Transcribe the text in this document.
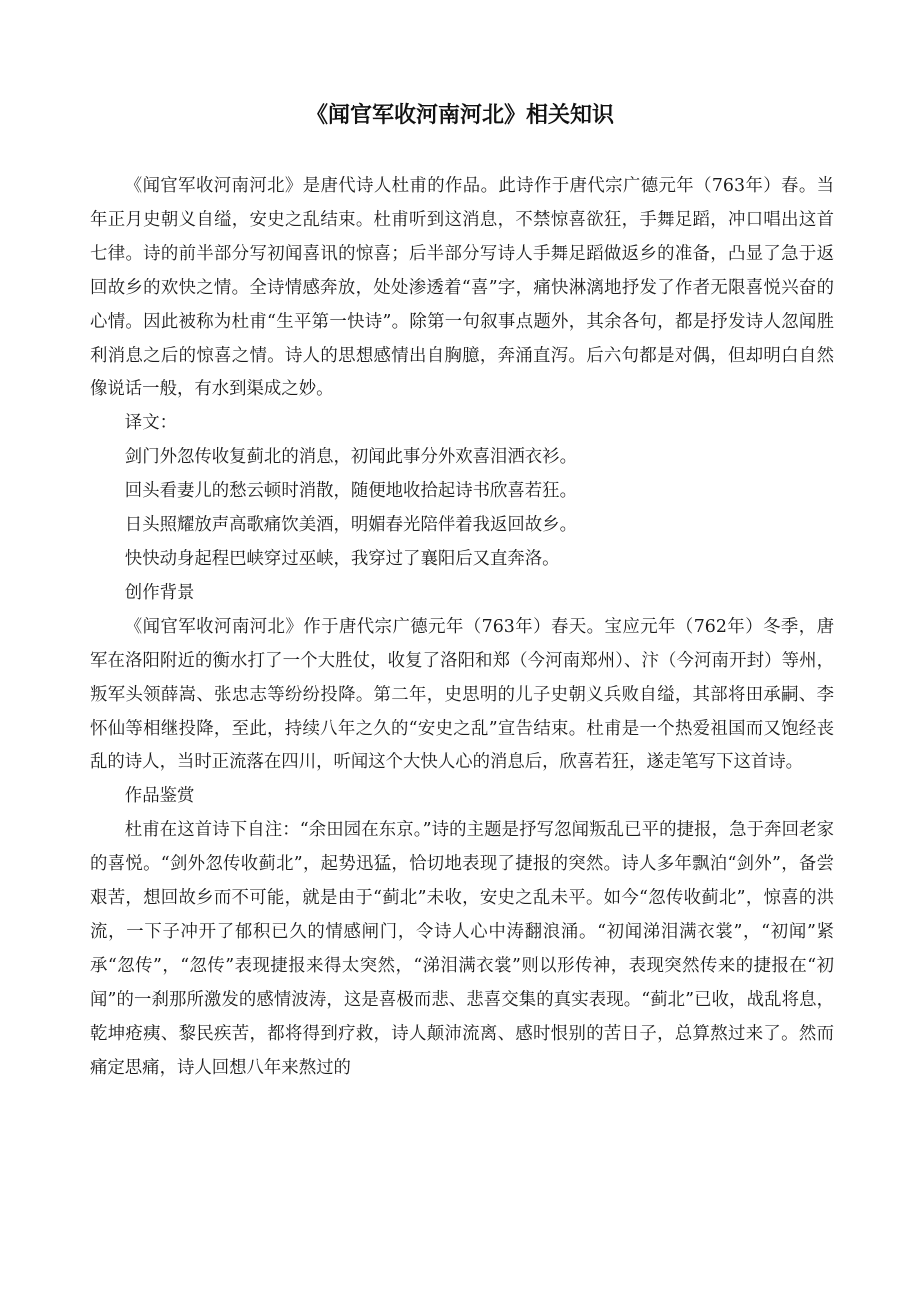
《闻官军收河南河北》相关知识

《闻官军收河南河北》是唐代诗人杜甫的作品。此诗作于唐代宗广德元年（763年）春。当年正月史朝义自缢，安史之乱结束。杜甫听到这消息，不禁惊喜欲狂，手舞足蹈，冲口唱出这首七律。诗的前半部分写初闻喜讯的惊喜；后半部分写诗人手舞足蹈做返乡的准备，凸显了急于返回故乡的欢快之情。全诗情感奔放，处处渗透着“喜”字，痛快淋漓地抒发了作者无限喜悦兴奋的心情。因此被称为杜甫“生平第一快诗”。除第一句叙事点题外，其余各句，都是抒发诗人忽闻胜利消息之后的惊喜之情。诗人的思想感情出自胸臆，奔涌直泻。后六句都是对偶，但却明白自然像说话一般，有水到渠成之妙。

译文：

剑门外忽传收复蓟北的消息，初闻此事分外欢喜泪洒衣衫。

回头看妻儿的愁云顿时消散，随便地收拾起诗书欣喜若狂。

日头照耀放声高歌痛饮美酒，明媚春光陪伴着我返回故乡。

快快动身起程巴峡穿过巫峡，我穿过了襄阳后又直奔洛。

创作背景

《闻官军收河南河北》作于唐代宗广德元年（763年）春天。宝应元年（762年）冬季，唐军在洛阳附近的衡水打了一个大胜仗，收复了洛阳和郑（今河南郑州）、汴（今河南开封）等州，叛军头领薛嵩、张忠志等纷纷投降。第二年，史思明的儿子史朝义兵败自缢，其部将田承嗣、李怀仙等相继投降，至此，持续八年之久的“安史之乱”宣告结束。杜甫是一个热爱祖国而又饱经丧乱的诗人，当时正流落在四川，听闻这个大快人心的消息后，欣喜若狂，遂走笔写下这首诗。

作品鉴赏

杜甫在这首诗下自注：“余田园在东京。”诗的主题是抒写忽闻叛乱已平的捷报，急于奔回老家的喜悦。“剑外忽传收蓟北”，起势迅猛，恰切地表现了捷报的突然。诗人多年飘泊“剑外”，备尝艰苦，想回故乡而不可能，就是由于“蓟北”未收，安史之乱未平。如今“忽传收蓟北”，惊喜的洪流，一下子冲开了郁积已久的情感闸门，令诗人心中涛翻浪涌。“初闻涕泪满衣裳”，“初闻”紧承“忽传”，“忽传”表现捷报来得太突然，“涕泪满衣裳”则以形传神，表现突然传来的捷报在“初闻”的一刹那所激发的感情波涛，这是喜极而悲、悲喜交集的真实表现。“蓟北”已收，战乱将息，乾坤疮痍、黎民疾苦，都将得到疗救，诗人颠沛流离、感时恨别的苦日子，总算熬过来了。然而痛定思痛，诗人回想八年来熬过的
